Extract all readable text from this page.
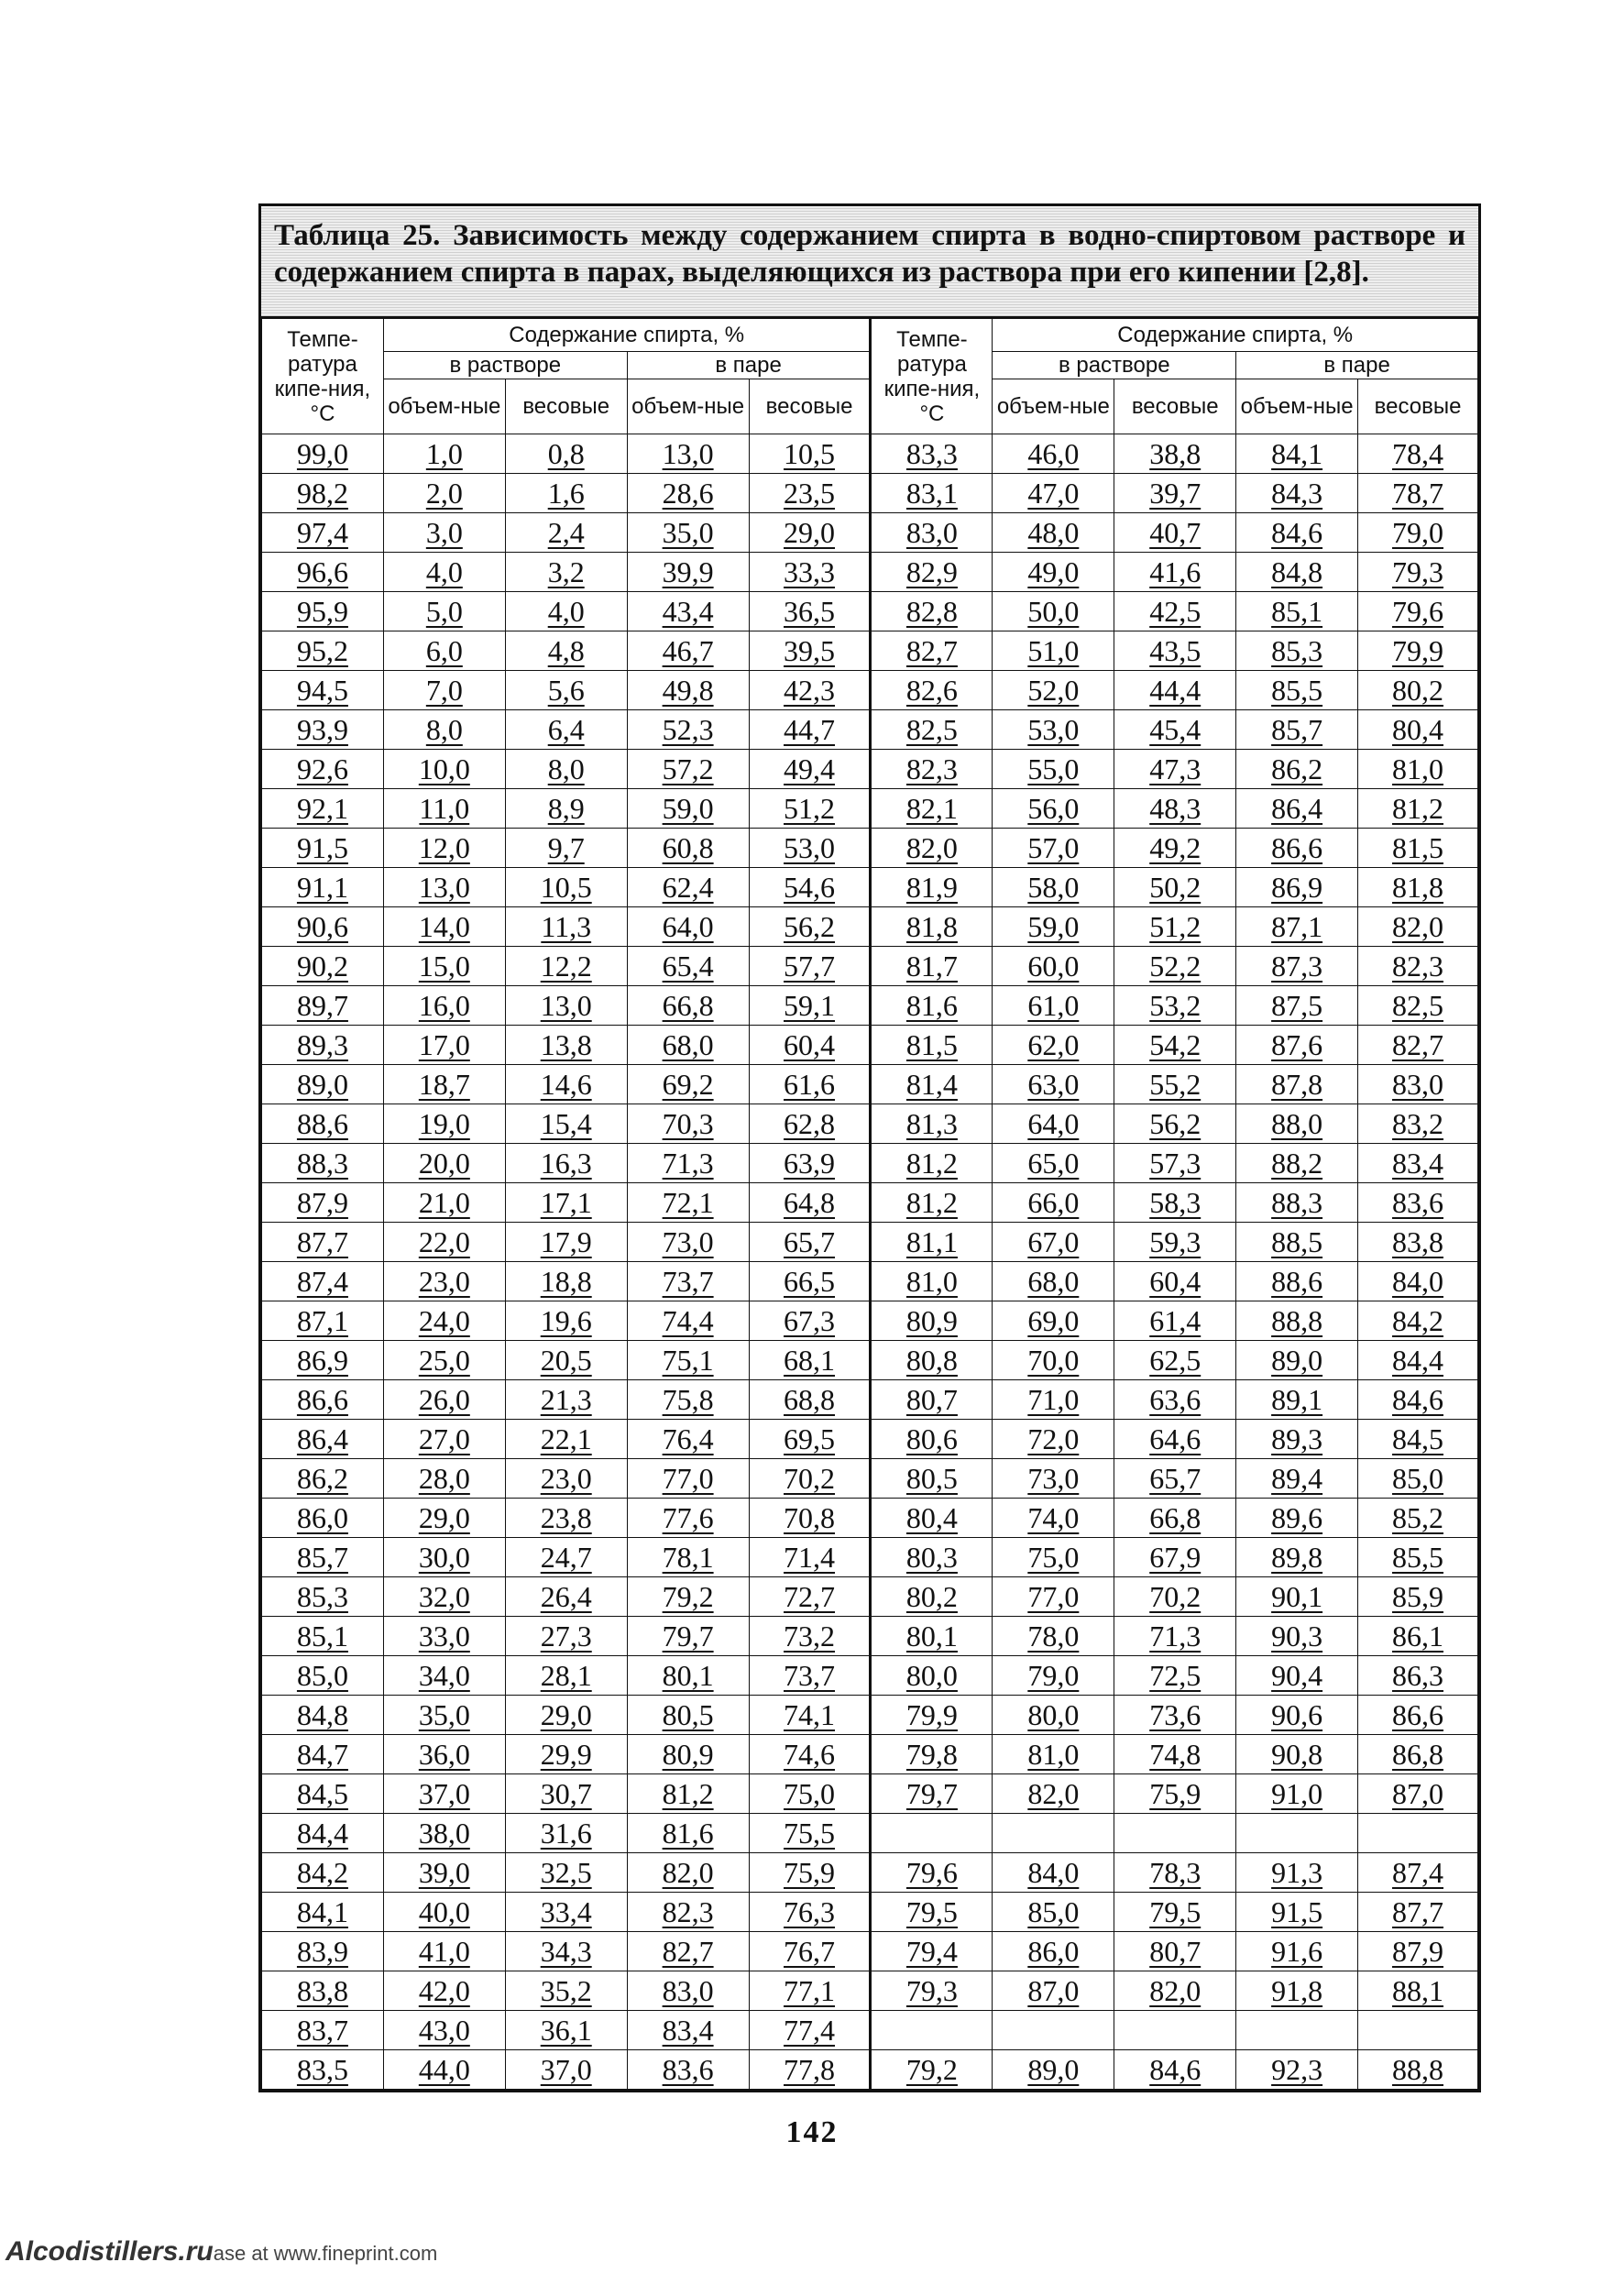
Таблица 25. Зависимость между содержанием спирта в водно-спиртовом растворе и содержанием спирта в парах, выделяющихся из раствора при его кипении [2,8].
Темпе-ратура кипе-ния, °С	Содержание спирта, %				Темпе-ратура кипе-ния, °С	Содержание спирта, %			
	в растворе		в паре			в растворе		в паре	
	объем-ные	весовые	объем-ные	весовые		объем-ные	весовые	объем-ные	весовые
99,0	1,0	0,8	13,0	10,5	83,3	46,0	38,8	84,1	78,4
98,2	2,0	1,6	28,6	23,5	83,1	47,0	39,7	84,3	78,7
97,4	3,0	2,4	35,0	29,0	83,0	48,0	40,7	84,6	79,0
96,6	4,0	3,2	39,9	33,3	82,9	49,0	41,6	84,8	79,3
95,9	5,0	4,0	43,4	36,5	82,8	50,0	42,5	85,1	79,6
95,2	6,0	4,8	46,7	39,5	82,7	51,0	43,5	85,3	79,9
94,5	7,0	5,6	49,8	42,3	82,6	52,0	44,4	85,5	80,2
93,9	8,0	6,4	52,3	44,7	82,5	53,0	45,4	85,7	80,4
92,6	10,0	8,0	57,2	49,4	82,3	55,0	47,3	86,2	81,0
92,1	11,0	8,9	59,0	51,2	82,1	56,0	48,3	86,4	81,2
91,5	12,0	9,7	60,8	53,0	82,0	57,0	49,2	86,6	81,5
91,1	13,0	10,5	62,4	54,6	81,9	58,0	50,2	86,9	81,8
90,6	14,0	11,3	64,0	56,2	81,8	59,0	51,2	87,1	82,0
90,2	15,0	12,2	65,4	57,7	81,7	60,0	52,2	87,3	82,3
89,7	16,0	13,0	66,8	59,1	81,6	61,0	53,2	87,5	82,5
89,3	17,0	13,8	68,0	60,4	81,5	62,0	54,2	87,6	82,7
89,0	18,7	14,6	69,2	61,6	81,4	63,0	55,2	87,8	83,0
88,6	19,0	15,4	70,3	62,8	81,3	64,0	56,2	88,0	83,2
88,3	20,0	16,3	71,3	63,9	81,2	65,0	57,3	88,2	83,4
87,9	21,0	17,1	72,1	64,8	81,2	66,0	58,3	88,3	83,6
87,7	22,0	17,9	73,0	65,7	81,1	67,0	59,3	88,5	83,8
87,4	23,0	18,8	73,7	66,5	81,0	68,0	60,4	88,6	84,0
87,1	24,0	19,6	74,4	67,3	80,9	69,0	61,4	88,8	84,2
86,9	25,0	20,5	75,1	68,1	80,8	70,0	62,5	89,0	84,4
86,6	26,0	21,3	75,8	68,8	80,7	71,0	63,6	89,1	84,6
86,4	27,0	22,1	76,4	69,5	80,6	72,0	64,6	89,3	84,5
86,2	28,0	23,0	77,0	70,2	80,5	73,0	65,7	89,4	85,0
86,0	29,0	23,8	77,6	70,8	80,4	74,0	66,8	89,6	85,2
85,7	30,0	24,7	78,1	71,4	80,3	75,0	67,9	89,8	85,5
85,3	32,0	26,4	79,2	72,7	80,2	77,0	70,2	90,1	85,9
85,1	33,0	27,3	79,7	73,2	80,1	78,0	71,3	90,3	86,1
85,0	34,0	28,1	80,1	73,7	80,0	79,0	72,5	90,4	86,3
84,8	35,0	29,0	80,5	74,1	79,9	80,0	73,6	90,6	86,6
84,7	36,0	29,9	80,9	74,6	79,8	81,0	74,8	90,8	86,8
84,5	37,0	30,7	81,2	75,0	79,7	82,0	75,9	91,0	87,0
84,4	38,0	31,6	81,6	75,5					
84,2	39,0	32,5	82,0	75,9	79,6	84,0	78,3	91,3	87,4
84,1	40,0	33,4	82,3	76,3	79,5	85,0	79,5	91,5	87,7
83,9	41,0	34,3	82,7	76,7	79,4	86,0	80,7	91,6	87,9
83,8	42,0	35,2	83,0	77,1	79,3	87,0	82,0	91,8	88,1
83,7	43,0	36,1	83,4	77,4					
83,5	44,0	37,0	83,6	77,8	79,2	89,0	84,6	92,3	88,8
142
Alcodistillers.ruase at www.fineprint.com
